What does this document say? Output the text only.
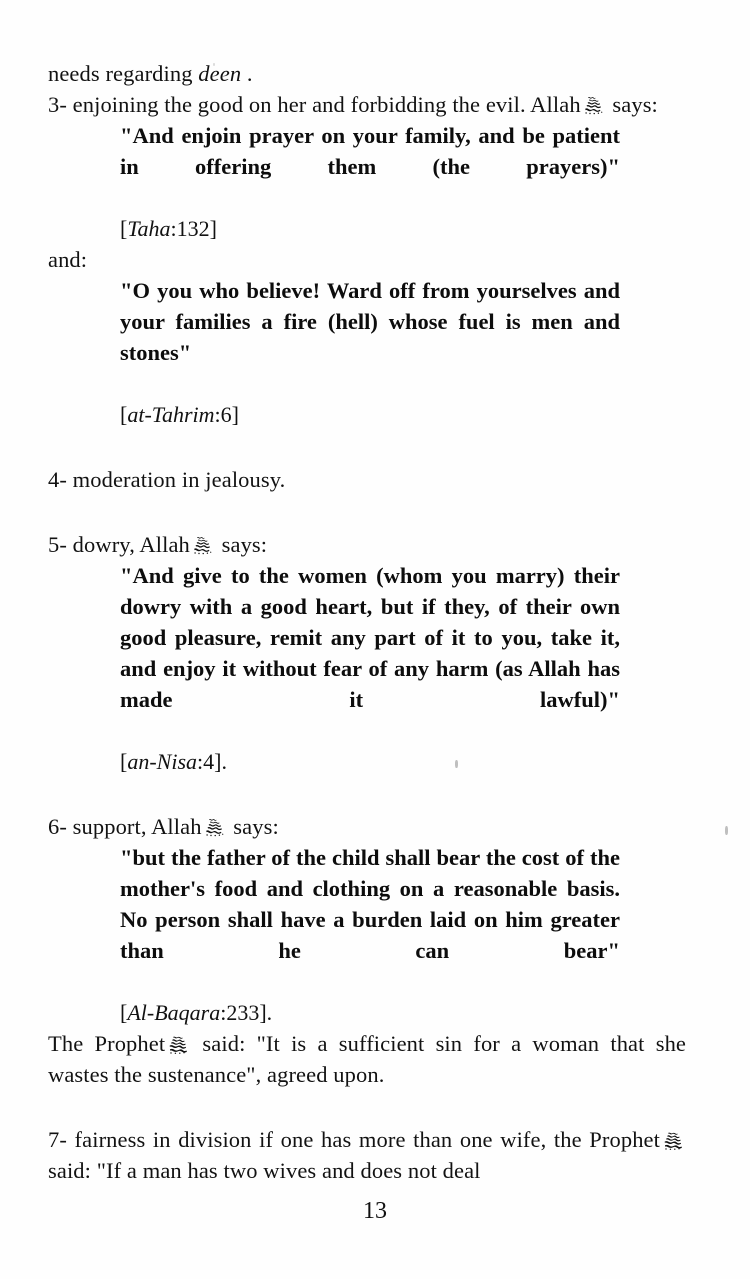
needs regarding deen .

3- enjoining the good on her and forbidding the evil. Allah
says:

"And enjoin prayer on your family, and be patient in offering them (the prayers)"

[Taha:132]

and:

"O you who believe! Ward off from yourselves and your families a fire (hell) whose fuel is men and stones"

[at-Tahrim:6]

4- moderation in jealousy.

5- dowry, Allah
says:

"And give to the women (whom you marry) their dowry with a good heart, but if they, of their own good pleasure, remit any part of it to you, take it, and enjoy it without fear of any harm (as Allah has made it lawful)"

[an-Nisa:4].

6- support, Allah
says:

"but the father of the child shall bear the cost of the mother's food and clothing on a reasonable basis. No person shall have a burden laid on him greater than he can bear"

[Al-Baqara:233].

The Prophet
said: "It is a sufficient sin for a woman that she wastes the sustenance", agreed upon.

7- fairness in division if one has more than one wife, the Prophet
said: "If a man has two wives and does not deal

13
